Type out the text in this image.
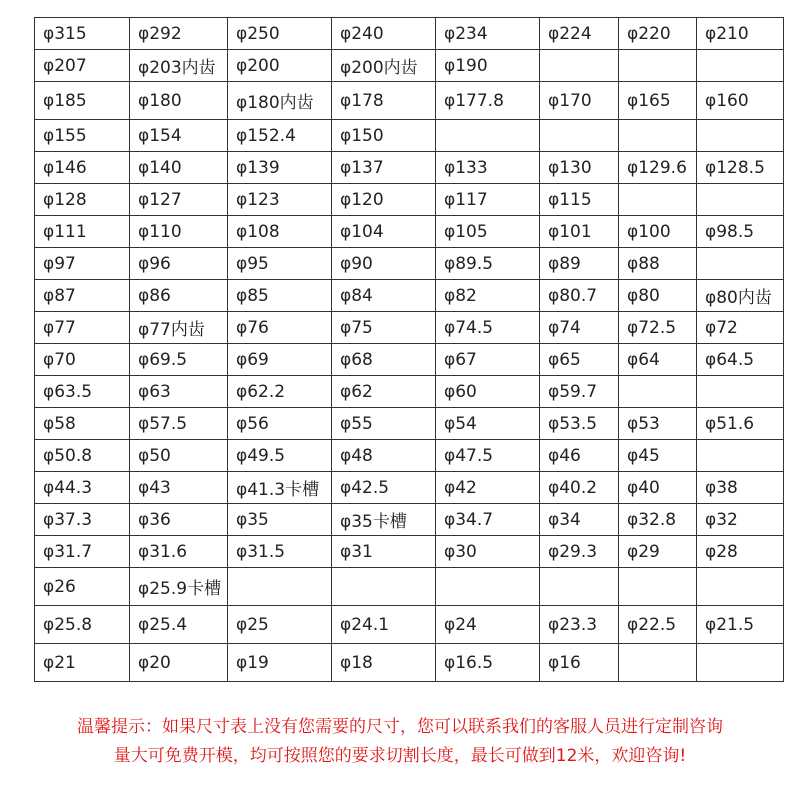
φ315	φ292	φ250	φ240	φ234	φ224	φ220	φ210
φ207	φ203内齿	φ200	φ200内齿	φ190			
φ185	φ180	φ180内齿	φ178	φ177.8	φ170	φ165	φ160
φ155	φ154	φ152.4	φ150				
φ146	φ140	φ139	φ137	φ133	φ130	φ129.6	φ128.5
φ128	φ127	φ123	φ120	φ117	φ115		
φ111	φ110	φ108	φ104	φ105	φ101	φ100	φ98.5
φ97	φ96	φ95	φ90	φ89.5	φ89	φ88	
φ87	φ86	φ85	φ84	φ82	φ80.7	φ80	φ80内齿
φ77	φ77内齿	φ76	φ75	φ74.5	φ74	φ72.5	φ72
φ70	φ69.5	φ69	φ68	φ67	φ65	φ64	φ64.5
φ63.5	φ63	φ62.2	φ62	φ60	φ59.7		
φ58	φ57.5	φ56	φ55	φ54	φ53.5	φ53	φ51.6
φ50.8	φ50	φ49.5	φ48	φ47.5	φ46	φ45	
φ44.3	φ43	φ41.3卡槽	φ42.5	φ42	φ40.2	φ40	φ38
φ37.3	φ36	φ35	φ35卡槽	φ34.7	φ34	φ32.8	φ32
φ31.7	φ31.6	φ31.5	φ31	φ30	φ29.3	φ29	φ28
φ26	φ25.9卡槽						
φ25.8	φ25.4	φ25	φ24.1	φ24	φ23.3	φ22.5	φ21.5
φ21	φ20	φ19	φ18	φ16.5	φ16		
温馨提示：如果尺寸表上没有您需要的尺寸，您可以联系我们的客服人员进行定制咨询
量大可免费开模，均可按照您的要求切割长度，最长可做到12米，欢迎咨询!
